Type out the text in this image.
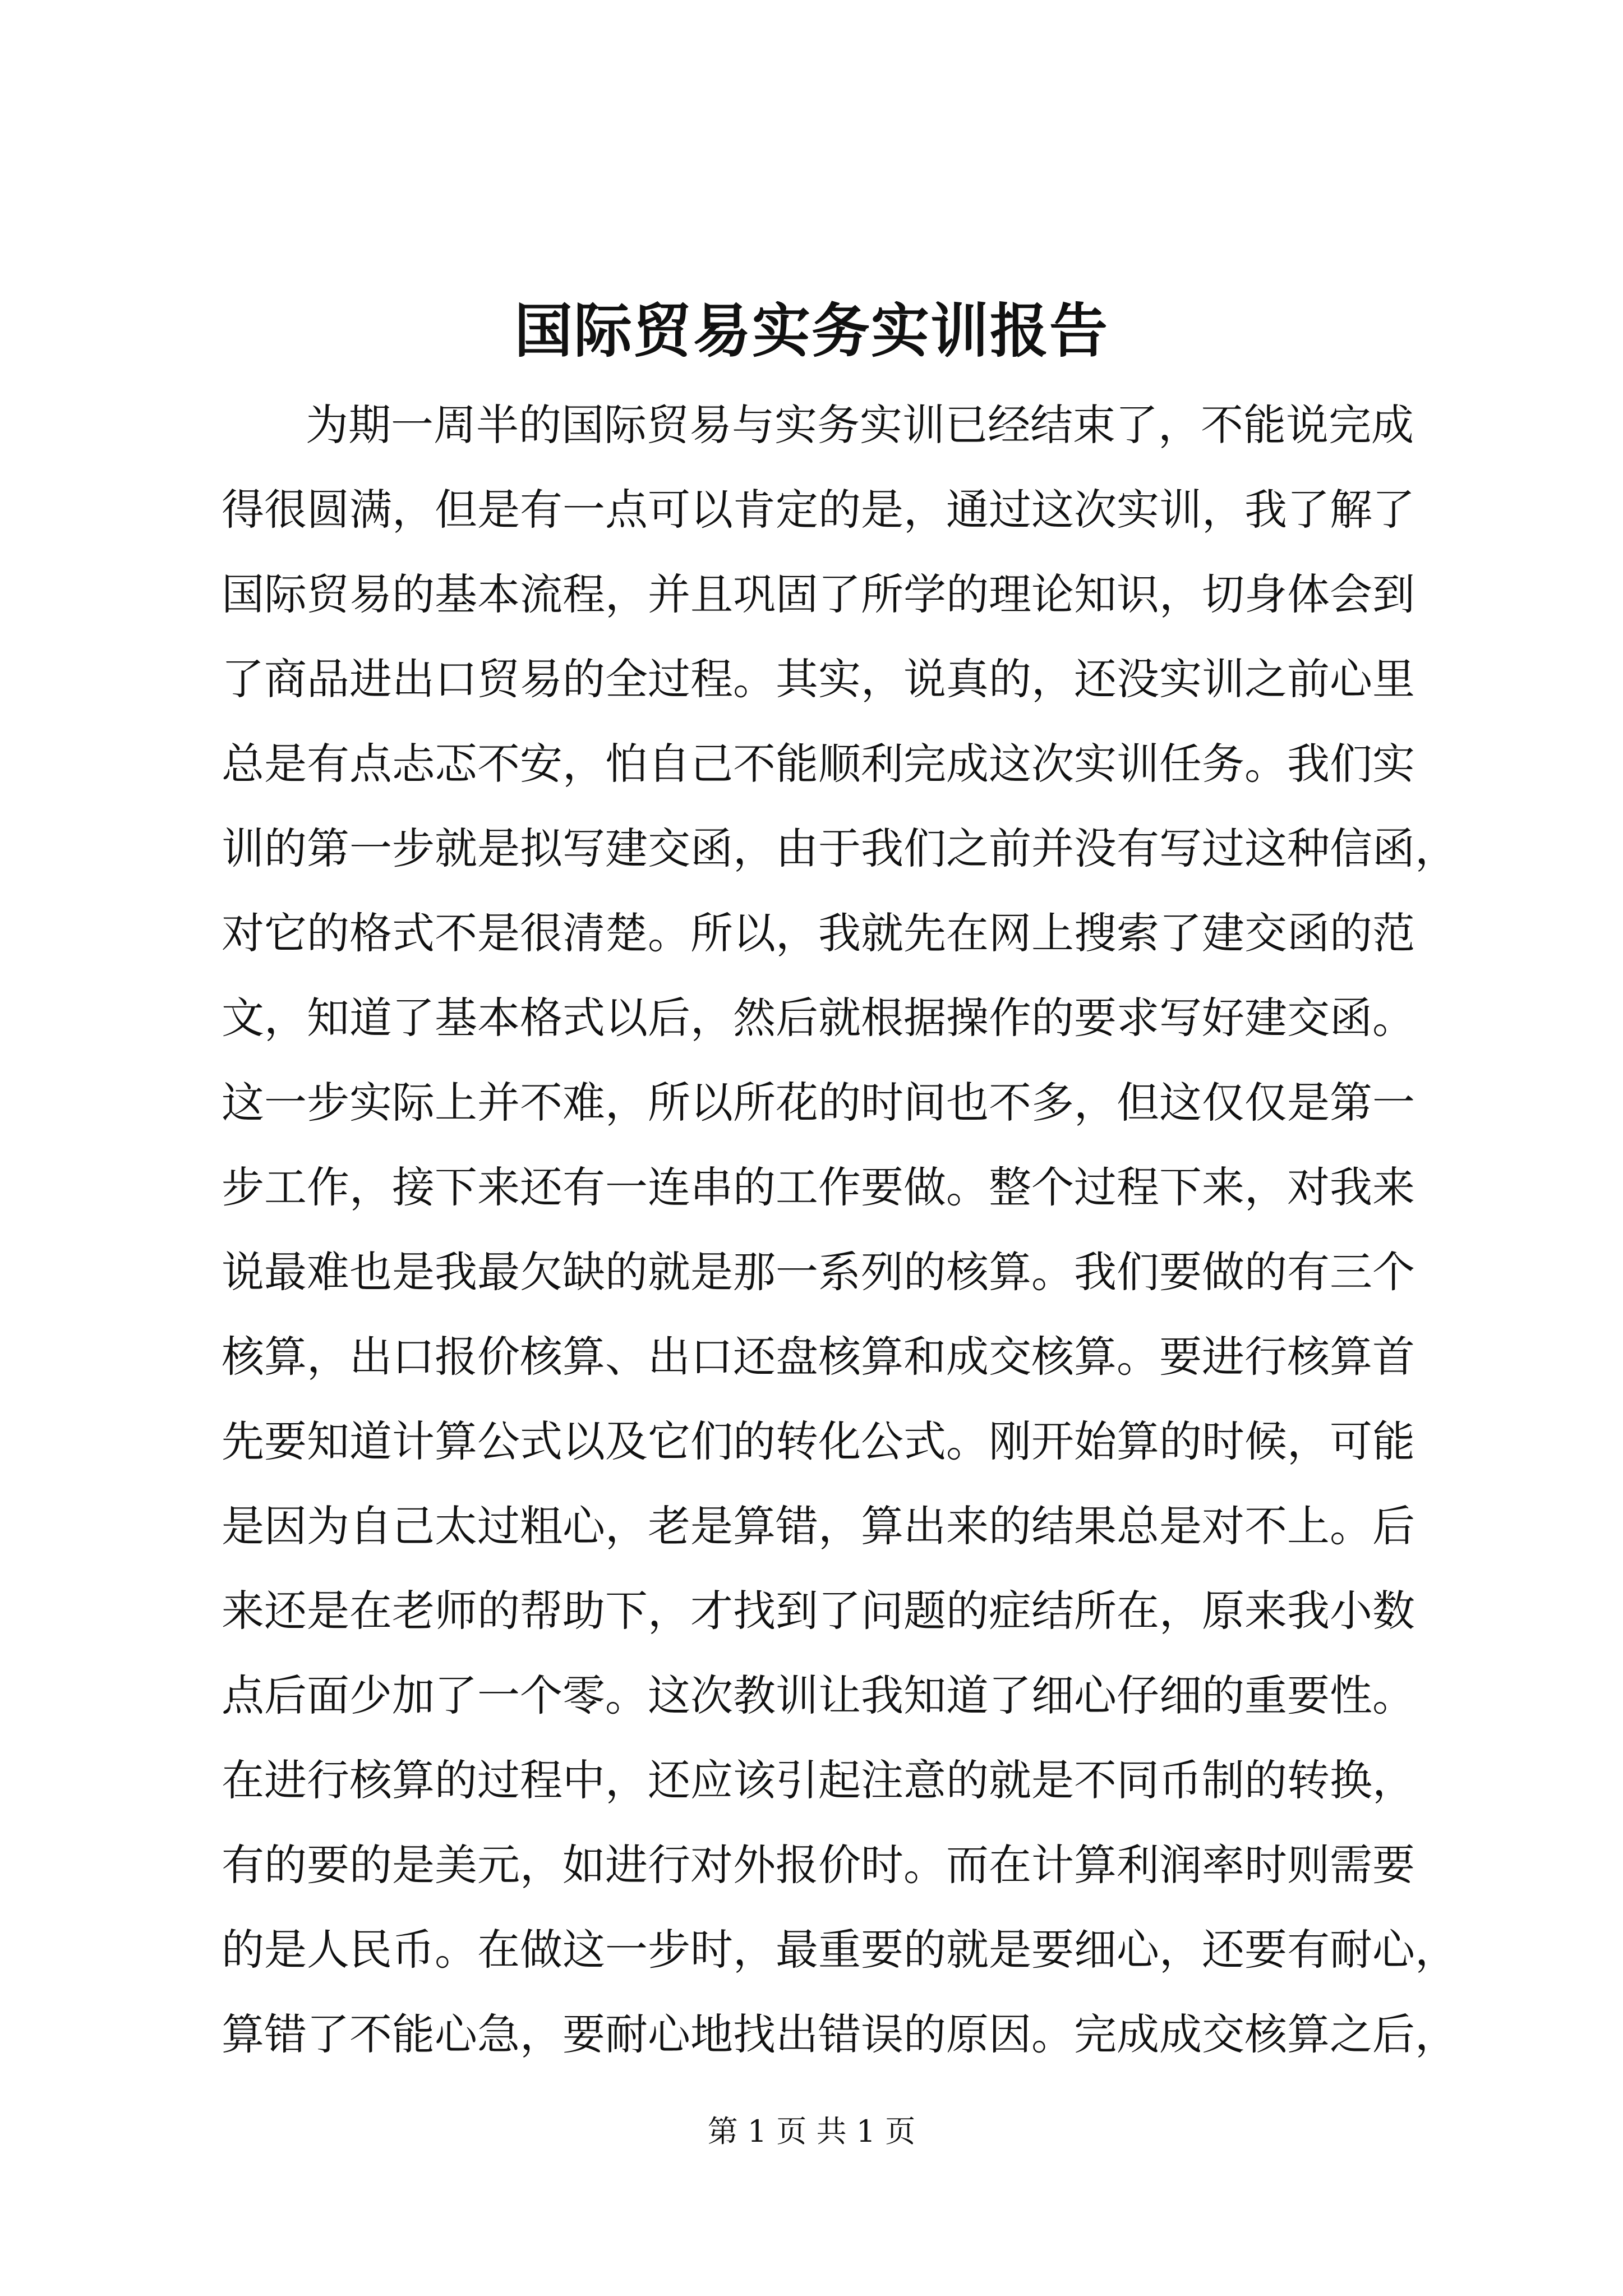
国际贸易实务实训报告
为期一周半的国际贸易与实务实训已经结束了，不能说完成
得很圆满，但是有一点可以肯定的是，通过这次实训，我了解了
国际贸易的基本流程，并且巩固了所学的理论知识，切身体会到
了商品进出口贸易的全过程。其实，说真的，还没实训之前心里
总是有点忐忑不安，怕自己不能顺利完成这次实训任务。我们实
训的第一步就是拟写建交函，由于我们之前并没有写过这种信函，
对它的格式不是很清楚。所以，我就先在网上搜索了建交函的范
文，知道了基本格式以后，然后就根据操作的要求写好建交函。
这一步实际上并不难，所以所花的时间也不多，但这仅仅是第一
步工作，接下来还有一连串的工作要做。整个过程下来，对我来
说最难也是我最欠缺的就是那一系列的核算。我们要做的有三个
核算，出口报价核算、出口还盘核算和成交核算。要进行核算首
先要知道计算公式以及它们的转化公式。刚开始算的时候，可能
是因为自己太过粗心，老是算错，算出来的结果总是对不上。后
来还是在老师的帮助下，才找到了问题的症结所在，原来我小数
点后面少加了一个零。这次教训让我知道了细心仔细的重要性。
在进行核算的过程中，还应该引起注意的就是不同币制的转换，
有的要的是美元，如进行对外报价时。而在计算利润率时则需要
的是人民币。在做这一步时，最重要的就是要细心，还要有耐心，
算错了不能心急，要耐心地找出错误的原因。完成成交核算之后，
第 1 页 共 1 页
